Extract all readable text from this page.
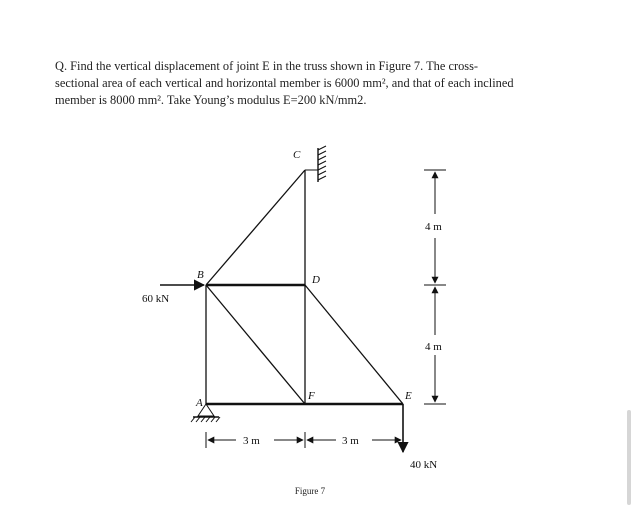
Q. Find the vertical displacement of joint E in the truss shown in Figure 7. The cross-
sectional area of each vertical and horizontal member is 6000 mm², and that of each inclined
member is 8000 mm². Take Young’s modulus E=200 kN/mm2.
60 kN
40 kN
C
B	D
A
F	E
3 m	3 m
4 m
4 m
Figure 7
